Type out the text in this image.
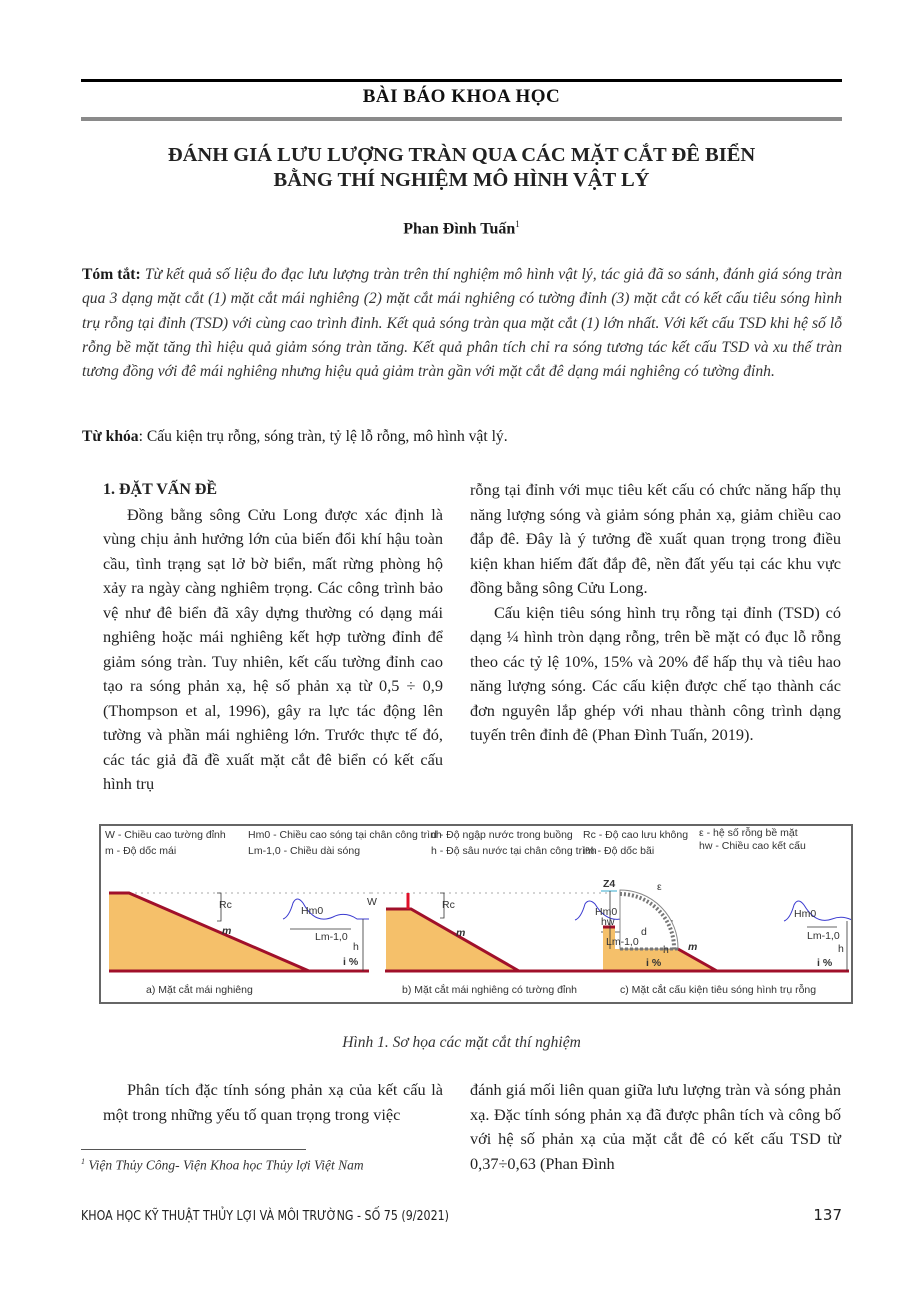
BÀI BÁO KHOA HỌC
ĐÁNH GIÁ LƯU LƯỢNG TRÀN QUA CÁC MẶT CẮT ĐÊ BIỂN
BẰNG THÍ NGHIỆM MÔ HÌNH VẬT LÝ
Phan Đình Tuấn$^1$
Tóm tắt: Từ kết quả số liệu đo đạc lưu lượng tràn trên thí nghiệm mô hình vật lý, tác giả đã so sánh, đánh giá sóng tràn qua 3 dạng mặt cắt (1) mặt cắt mái nghiêng (2) mặt cắt mái nghiêng có tường đỉnh (3) mặt cắt có kết cấu tiêu sóng hình trụ rỗng tại đỉnh (TSD) với cùng cao trình đỉnh. Kết quả sóng tràn qua mặt cắt (1) lớn nhất. Với kết cấu TSD khi hệ số lỗ rỗng bề mặt tăng thì hiệu quả giảm sóng tràn tăng. Kết quả phân tích chỉ ra sóng tương tác kết cấu TSD và xu thế tràn tương đồng với đê mái nghiêng nhưng hiệu quả giảm tràn gần với mặt cắt đê dạng mái nghiêng có tường đỉnh.
Từ khóa: Cấu kiện trụ rỗng, sóng tràn, tỷ lệ lỗ rỗng, mô hình vật lý.

1. ĐẶT VẤN ĐỀ

Đồng bằng sông Cửu Long được xác định là vùng chịu ảnh hưởng lớn của biến đổi khí hậu toàn cầu, tình trạng sạt lở bờ biển, mất rừng phòng hộ xảy ra ngày càng nghiêm trọng. Các công trình bảo vệ như đê biển đã xây dựng thường có dạng mái nghiêng hoặc mái nghiêng kết hợp tường đỉnh để giảm sóng tràn. Tuy nhiên, kết cấu tường đỉnh cao tạo ra sóng phản xạ, hệ số phản xạ từ 0,5 ÷ 0,9 (Thompson et al, 1996), gây ra lực tác động lên tường và phần mái nghiêng lớn. Trước thực tế đó, các tác giả đã đề xuất mặt cắt đê biển có kết cấu hình trụ

rỗng tại đỉnh với mục tiêu kết cấu có chức năng hấp thụ năng lượng sóng và giảm sóng phản xạ, giảm chiều cao đắp đê. Đây là ý tưởng đề xuất quan trọng trong điều kiện khan hiếm đất đắp đê, nền đất yếu tại các khu vực đồng bằng sông Cửu Long.

Cấu kiện tiêu sóng hình trụ rỗng tại đỉnh (TSD) có dạng ¼ hình tròn dạng rỗng, trên bề mặt có đục lỗ rỗng theo các tỷ lệ 10%, 15% và 20% để hấp thụ và tiêu hao năng lượng sóng. Các cấu kiện được chế tạo thành các đơn nguyên lắp ghép với nhau thành công trình dạng tuyến trên đỉnh đê (Phan Đình Tuấn, 2019).

W - Chiều cao tường đỉnh
m - Độ dốc mái
Hm0 - Chiều cao sóng tại chân công trình
Lm-1,0 - Chiều dài sóng
d - Độ ngập nước trong buồng
h - Độ sâu nước tại chân công trình
Rc - Độ cao lưu không
i% - Độ dốc bãi
ε - hệ số rỗng bề mặt
hw - Chiều cao kết cấu
Rc
m
Hm0
Lm-1,0
h
i %
W	Rc
m
Hm0
Lm-1,0
h
i %
Z4	ε
hw
d
m
Hm0
Lm-1,0
h
i %
a) Mặt cắt mái nghiêng	b) Mặt cắt mái nghiêng có tường đỉnh	c) Mặt cắt cấu kiện tiêu sóng hình trụ rỗng
Hình 1. Sơ họa các mặt cắt thí nghiệm

Phân tích đặc tính sóng phản xạ của kết cấu là một trong những yếu tố quan trọng trong việc

đánh giá mối liên quan giữa lưu lượng tràn và sóng phản xạ. Đặc tính sóng phản xạ đã được phân tích và công bố với hệ số phản xạ của mặt cắt đê có kết cấu TSD từ 0,37÷0,63 (Phan Đình

$^1$ Viện Thủy Công- Viện Khoa học Thủy lợi Việt Nam
KHOA HỌC KỸ THUẬT THỦY LỢI VÀ MÔI TRƯỜNG - SỐ 75 (9/2021)	137
